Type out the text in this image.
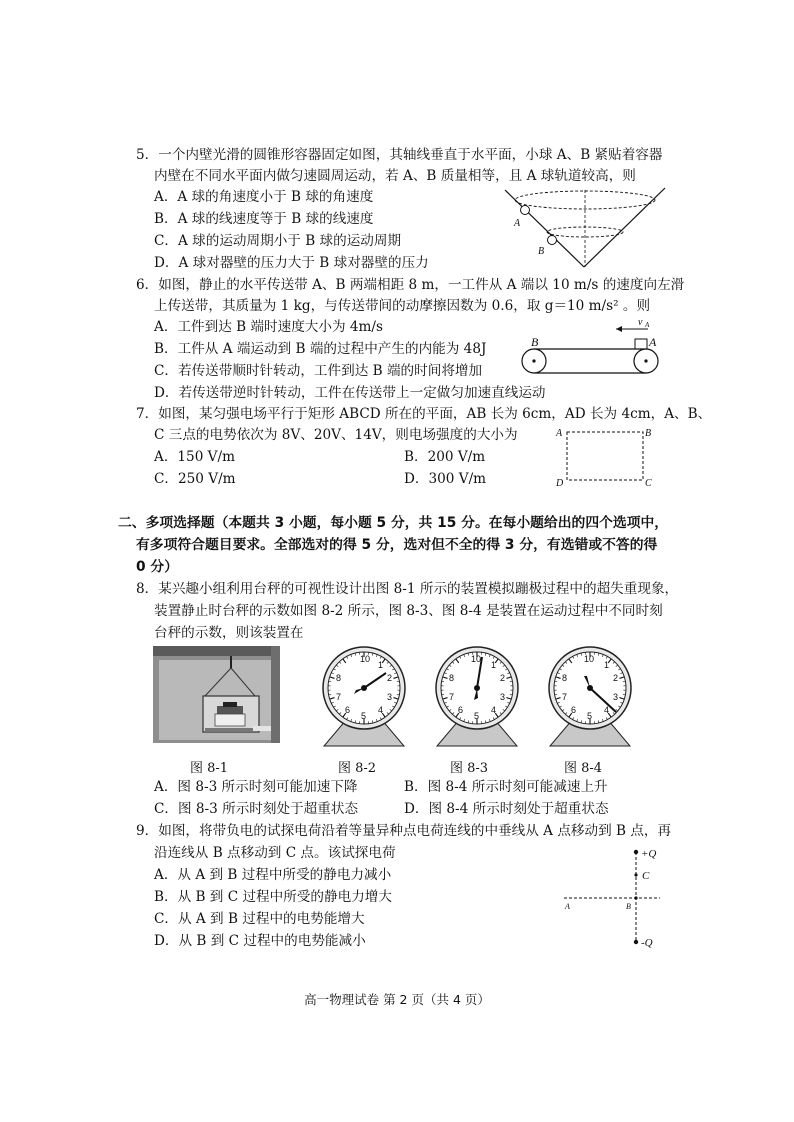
5．一个内壁光滑的圆锥形容器固定如图，其轴线垂直于水平面，小球 A、B 紧贴着容器
内壁在不同水平面内做匀速圆周运动，若 A、B 质量相等，且 A 球轨道较高，则
A．A 球的角速度小于 B 球的角速度
B．A 球的线速度等于 B 球的线速度
C．A 球的运动周期小于 B 球的运动周期
D．A 球对器壁的压力大于 B 球对器壁的压力
A
B
6．如图，静止的水平传送带 A、B 两端相距 8 m，一工件从 A 端以 10 m/s 的速度向左滑
上传送带，其质量为 1 kg，与传送带间的动摩擦因数为 0.6，取 g＝10 m/s² 。则
A．工件到达 B 端时速度大小为 4m/s
B．工件从 A 端运动到 B 端的过程中产生的内能为 48J
C．若传送带顺时针转动，工件到达 B 端的时间将增加
D．若传送带逆时针转动，工件在传送带上一定做匀加速直线运动
B	A
v A
7．如图，某匀强电场平行于矩形 ABCD 所在的平面，AB 长为 6cm，AD 长为 4cm，A、B、
C 三点的电势依次为 8V、20V、14V，则电场强度的大小为
A．150 V/m	B．200 V/m
C．250 V/m	D．300 V/m
A	B
C
D
二、多项选择题（本题共 3 小题，每小题 5 分，共 15 分。在每小题给出的四个选项中，
有多项符合题目要求。全部选对的得 5 分，选对但不全的得 3 分，有选错或不答的得
0 分）
8．某兴趣小组利用台秤的可视性设计出图 8-1 所示的装置模拟蹦极过程中的超失重现象，
装置静止时台秤的示数如图 8-2 所示，图 8-3、图 8-4 是装置在运动过程中不同时刻
台秤的示数，则该装置在
10
1
2
3
4
5
6
7
8
10
1
2
3
4
5
6
7
8
10
1
2
3
4
5
6
7
8
图 8-1	图 8-2	图 8-3	图 8-4
A．图 8-3 所示时刻可能加速下降	B．图 8-4 所示时刻可能减速上升
C．图 8-3 所示时刻处于超重状态	D．图 8-4 所示时刻处于超重状态
9．如图，将带负电的试探电荷沿着等量异种点电荷连线的中垂线从 A 点移动到 B 点，再
沿连线从 B 点移动到 C 点。该试探电荷
A．从 A 到 B 过程中所受的静电力减小
B．从 B 到 C 过程中所受的静电力增大
C．从 A 到 B 过程中的电势能增大
D．从 B 到 C 过程中的电势能减小
+Q
C
A	B
-Q
高一物理试卷 第 2 页（共 4 页）
